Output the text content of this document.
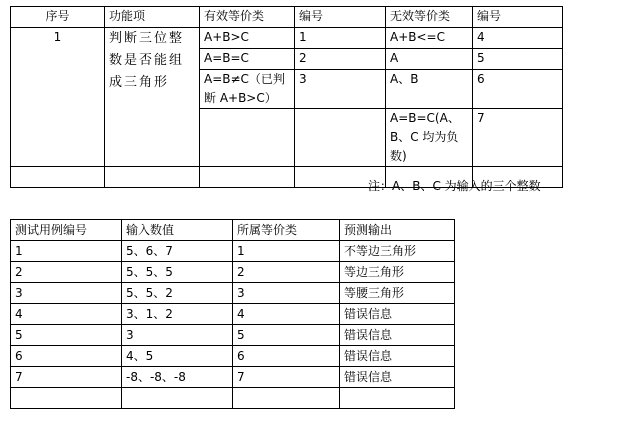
序号	功能项	有效等价类	编号	无效等价类	编号
1	判断三位整数是否能组成三角形	A+B>C	1	A+B<=C	4
		A=B=C	2	A	5
		A=B≠C（已判断 A+B>C）	3	A、B	6
				A=B=C(A、B、C 均为负数)	7

注：A、B、C 为输入的三个整数
测试用例编号	输入数值	所属等价类	预测输出
1	5、6、7	1	不等边三角形
2	5、5、5	2	等边三角形
3	5、5、2	3	等腰三角形
4	3、1、2	4	错误信息
5	3	5	错误信息
6	4、5	6	错误信息
7	-8、-8、-8	7	错误信息
